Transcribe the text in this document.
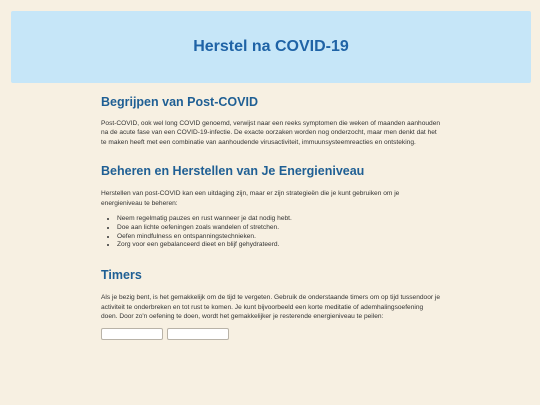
Herstel na COVID-19
Begrijpen van Post-COVID

Post-COVID, ook wel long COVID genoemd, verwijst naar een reeks symptomen die weken of maanden aanhouden na de acute fase van een COVID-19-infectie. De exacte oorzaken worden nog onderzocht, maar men denkt dat het te maken heeft met een combinatie van aanhoudende virusactiviteit, immuunsysteemreacties en ontsteking.

Beheren en Herstellen van Je Energieniveau

Herstellen van post-COVID kan een uitdaging zijn, maar er zijn strategieën die je kunt gebruiken om je energieniveau te beheren:

• Neem regelmatig pauzes en rust wanneer je dat nodig hebt.
• Doe aan lichte oefeningen zoals wandelen of stretchen.
• Oefen mindfulness en ontspanningstechnieken.
• Zorg voor een gebalanceerd dieet en blijf gehydrateerd.
Timers

Als je bezig bent, is het gemakkelijk om de tijd te vergeten. Gebruik de onderstaande timers om op tijd tussendoor je activiteit te onderbreken en tot rust te komen. Je kunt bijvoorbeeld een korte meditatie of ademhalingsoefening doen. Door zo'n oefening te doen, wordt het gemakkelijker je resterende energieniveau te peilen:
